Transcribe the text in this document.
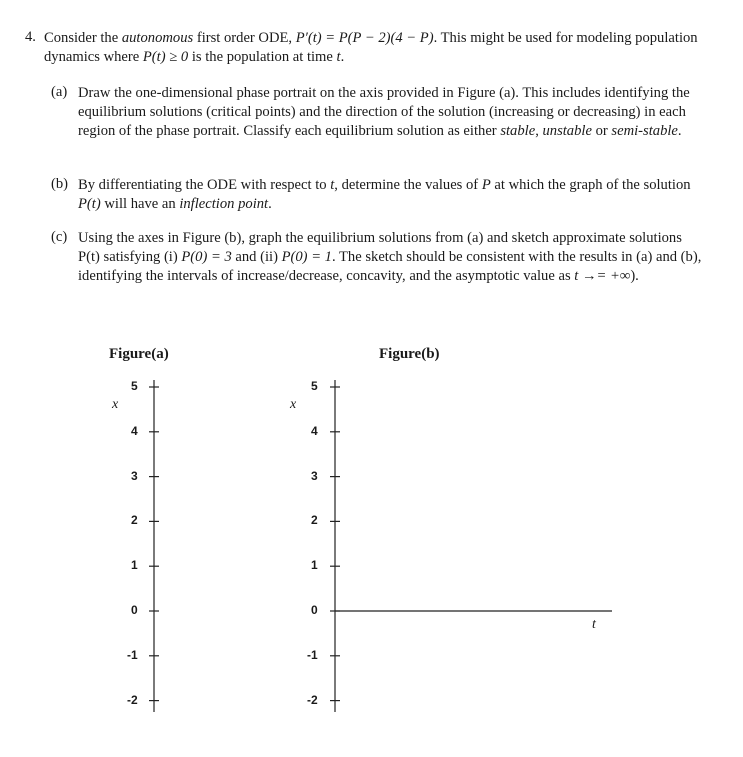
4. Consider the autonomous first order ODE, P′(t) = P(P − 2)(4 − P). This might be used for modeling population dynamics where P(t) ≥ 0 is the population at time t.

(a) Draw the one-dimensional phase portrait on the axis provided in Figure (a). This includes identifying the equilibrium solutions (critical points) and the direction of the solution (increasing or decreasing) in each region of the phase portrait. Classify each equilibrium solution as either stable, unstable or semi-stable.

(b) By differentiating the ODE with respect to t, determine the values of P at which the graph of the solution P(t) will have an inflection point.

(c) Using the axes in Figure (b), graph the equilibrium solutions from (a) and sketch approximate solutions P(t) satisfying (i) P(0) = 3 and (ii) P(0) = 1. The sketch should be consistent with the results in (a) and (b), identifying the intervals of increase/decrease, concavity, and the asymptotic value as t →= +∞).

Figure(a)	Figure(b)
x	x
t
5
4
3
2
1
0
-1
-2
5
4
3
2
1
0
-1
-2
